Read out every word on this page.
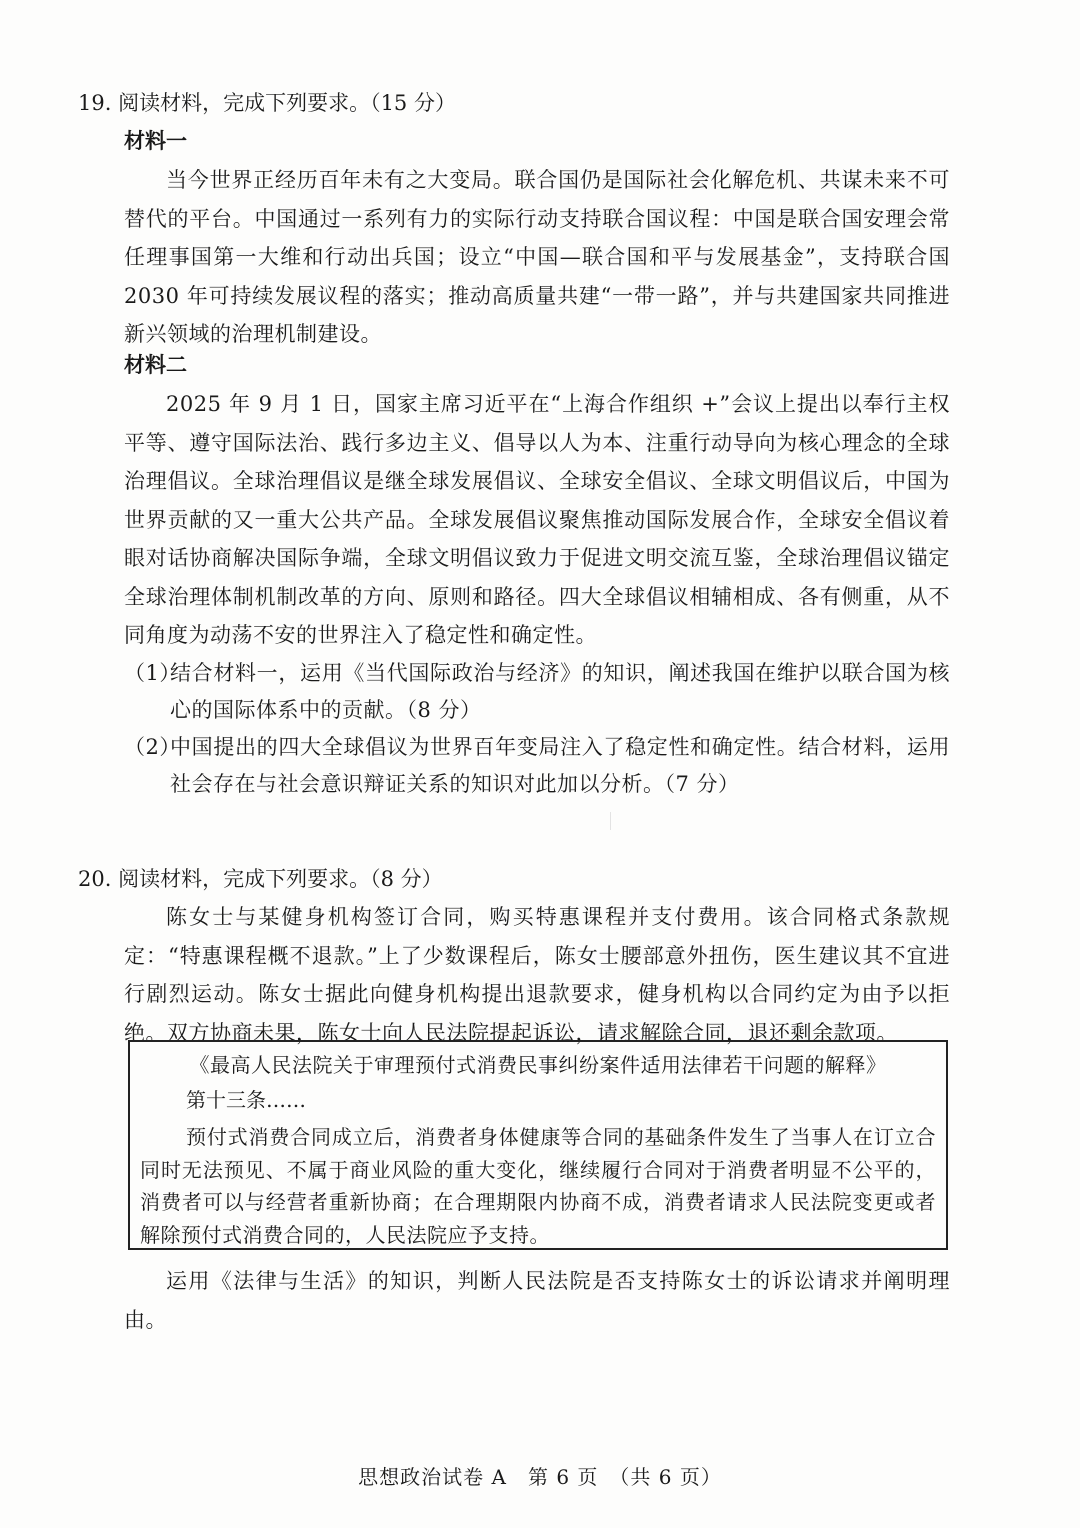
19. 阅读材料，完成下列要求。（15 分）
材料一
当今世界正经历百年未有之大变局。联合国仍是国际社会化解危机、共谋未来不可替代的平台。中国通过一系列有力的实际行动支持联合国议程：中国是联合国安理会常任理事国第一大维和行动出兵国；设立“中国—联合国和平与发展基金”，支持联合国2030 年可持续发展议程的落实；推动高质量共建“一带一路”，并与共建国家共同推进新兴领域的治理机制建设。
材料二
2025 年 9 月 1 日，国家主席习近平在“上海合作组织 +”会议上提出以奉行主权平等、遵守国际法治、践行多边主义、倡导以人为本、注重行动导向为核心理念的全球治理倡议。全球治理倡议是继全球发展倡议、全球安全倡议、全球文明倡议后，中国为世界贡献的又一重大公共产品。全球发展倡议聚焦推动国际发展合作，全球安全倡议着眼对话协商解决国际争端，全球文明倡议致力于促进文明交流互鉴，全球治理倡议锚定全球治理体制机制改革的方向、原则和路径。四大全球倡议相辅相成、各有侧重，从不同角度为动荡不安的世界注入了稳定性和确定性。
（1）
结合材料一，运用《当代国际政治与经济》的知识，阐述我国在维护以联合国为核心的国际体系中的贡献。（8 分）
（2）
中国提出的四大全球倡议为世界百年变局注入了稳定性和确定性。结合材料，运用社会存在与社会意识辩证关系的知识对此加以分析。（7 分）
20. 阅读材料，完成下列要求。（8 分）
陈女士与某健身机构签订合同，购买特惠课程并支付费用。该合同格式条款规定：“特惠课程概不退款。”上了少数课程后，陈女士腰部意外扭伤，医生建议其不宜进行剧烈运动。陈女士据此向健身机构提出退款要求，健身机构以合同约定为由予以拒绝。双方协商未果，陈女士向人民法院提起诉讼，请求解除合同，退还剩余款项。
《最高人民法院关于审理预付式消费民事纠纷案件适用法律若干问题的解释》
第十三条……
预付式消费合同成立后，消费者身体健康等合同的基础条件发生了当事人在订立合同时无法预见、不属于商业风险的重大变化，继续履行合同对于消费者明显不公平的，消费者可以与经营者重新协商；在合理期限内协商不成，消费者请求人民法院变更或者解除预付式消费合同的，人民法院应予支持。
运用《法律与生活》的知识，判断人民法院是否支持陈女士的诉讼请求并阐明理由。
思想政治试卷 A　第 6 页　（共 6 页）
